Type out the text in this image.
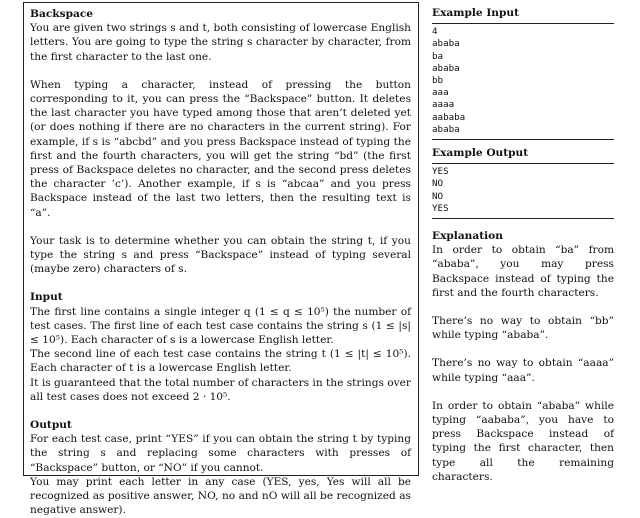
Backspace

You are given two strings s and t, both consisting of lowercase English letters. You are going to type the string s character by character, from the first character to the last one.

When typing a character, instead of pressing the button corresponding to it, you can press the “Backspace” button. It deletes the last character you have typed among those that aren’t deleted yet (or does nothing if there are no characters in the current string). For example, if s is “abcbd” and you press Backspace instead of typing the first and the fourth characters, you will get the string “bd” (the first press of Backspace deletes no character, and the second press deletes the character ’c’). Another example, if s is “abcaa” and you press Backspace instead of the last two letters, then the resulting text is “a”.

Your task is to determine whether you can obtain the string t, if you type the string s and press “Backspace” instead of typing several (maybe zero) characters of s.

Input

The first line contains a single integer q (1 ≤ q ≤ 10⁵) the number of test cases. The first line of each test case contains the string s (1 ≤ |s| ≤ 10⁵). Each character of s is a lowercase English letter.

The second line of each test case contains the string t (1 ≤ |t| ≤ 10⁵). Each character of t is a lowercase English letter.

It is guaranteed that the total number of characters in the strings over all test cases does not exceed 2 · 10⁵.

Output

For each test case, print “YES” if you can obtain the string t by typing the string s and replacing some characters with presses of “Backspace” button, or “NO” if you cannot.

You may print each letter in any case (YES, yes, Yes will all be recognized as positive answer, NO, no and nO will all be recognized as negative answer).

Example Input

4
ababa
ba
ababa
bb
aaa
aaaa
aababa
ababa

Example Output

YES
NO
NO
YES

Explanation

In order to obtain “ba” from “ababa”, you may press Backspace instead of typing the first and the fourth characters.

There’s no way to obtain “bb” while typing “ababa”.

There’s no way to obtain “aaaa” while typing “aaa”.

In order to obtain “ababa” while typing “aababa”, you have to press Backspace instead of typing the first character, then type all the remaining characters.
